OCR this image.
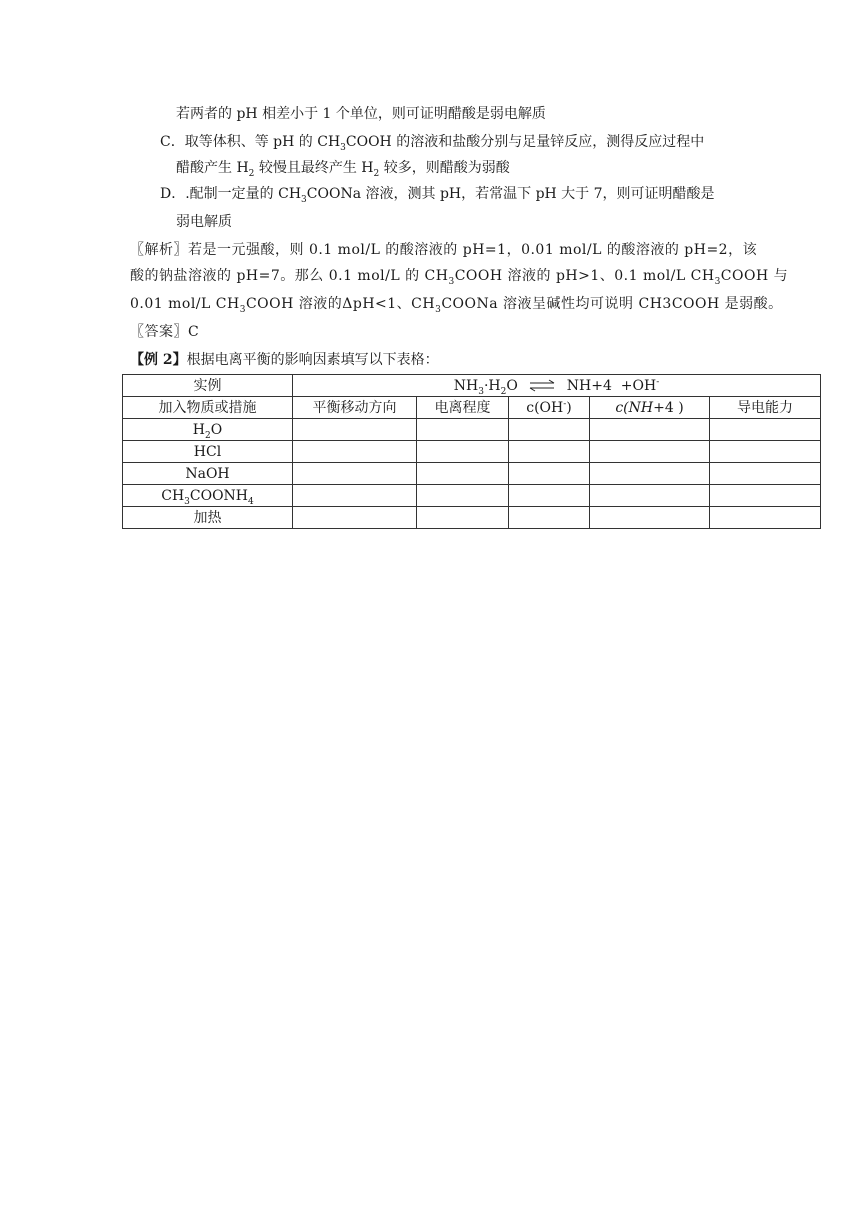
若两者的 pH 相差小于 1 个单位，则可证明醋酸是弱电解质
C．取等体积、等 pH 的 $CH_3COOH$ 的溶液和盐酸分别与足量锌反应，测得反应过程中
醋酸产生 $H_2$ 较慢且最终产生 $H_2$ 较多，则醋酸为弱酸
D．.配制一定量的 $CH_3COONa$ 溶液，测其 pH，若常温下 pH 大于 7，则可证明醋酸是
弱电解质
〖解析〗若是一元强酸，则 0.1 mol/L 的酸溶液的 pH=1，0.01 mol/L 的酸溶液的 pH=2，该
酸的钠盐溶液的 pH=7。那么 0.1 mol/L 的 $CH_3COOH$ 溶液的 pH>1、0.1 mol/L $CH_3COOH$ 与
0.01 mol/L $CH_3COOH$ 溶液的ΔpH<1、$CH_3COONa$ 溶液呈碱性均可说明 CH3COOH 是弱酸。
〖答案〗C
【例 2】根据电离平衡的影响因素填写以下表格：
实例	$NH_3\cdot H_2O$ ⇌ NH+4 +OH-
加入物质或措施	平衡移动方向	电离程度	c(OH-)	c(NH+4 )	导电能力
$H_2O$					
HCl					
NaOH					
$CH_3COONH_4$					
加热					
